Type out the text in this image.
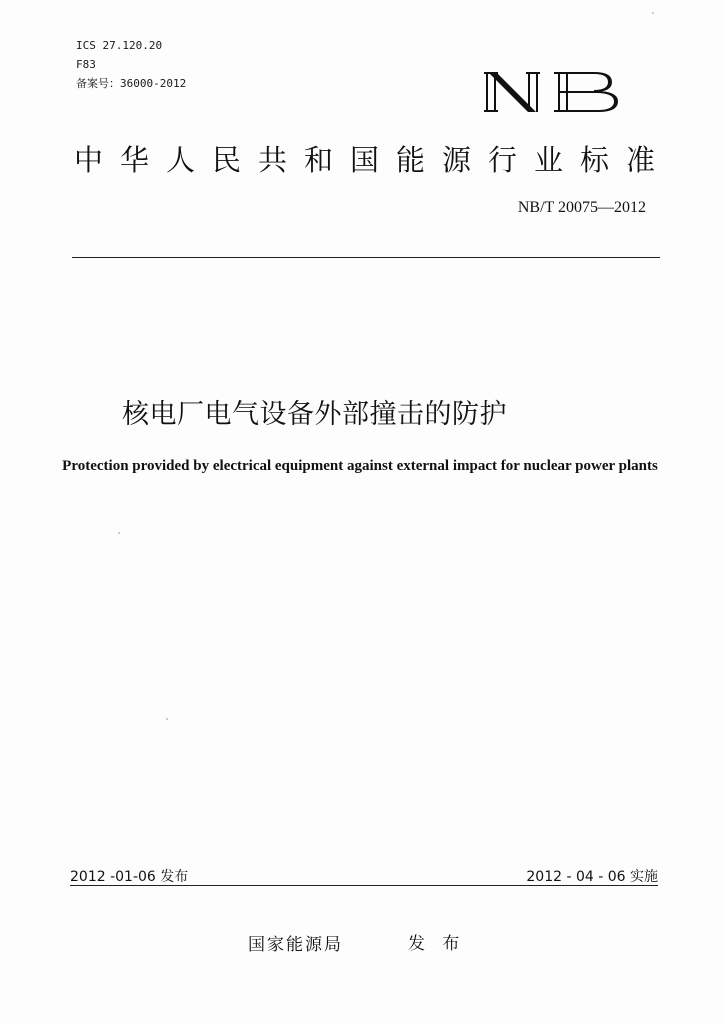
ICS 27.120.20
F83
备案号：36000-2012
中华人民共和国能源行业标准
NB/T 20075—2012
核电厂电气设备外部撞击的防护
Protection provided by electrical equipment against external impact for nuclear power plants
2012 -01-06 发布	2012 - 04 - 06 实施
国家能源局	发 布
